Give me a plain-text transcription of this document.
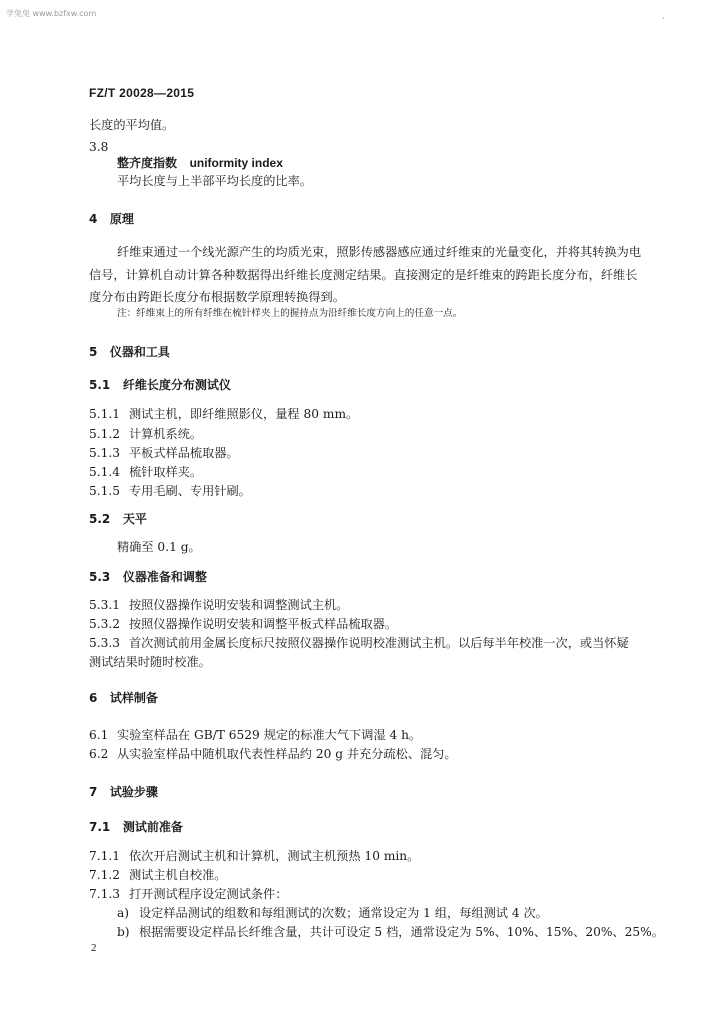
学兔兔 www.bzfxw.com
·
FZ/T 20028—2015
长度的平均值。
3.8
整齐度指数 uniformity index
平均长度与上半部平均长度的比率。
4 原理
纤维束通过一个线光源产生的均质光束，照影传感器感应通过纤维束的光量变化，并将其转换为电
信号，计算机自动计算各种数据得出纤维长度测定结果。直接测定的是纤维束的跨距长度分布，纤维长
度分布由跨距长度分布根据数学原理转换得到。
注：纤维束上的所有纤维在梳针样夹上的握持点为沿纤维长度方向上的任意一点。
5 仪器和工具
5.1 纤维长度分布测试仪
5.1.1 测试主机，即纤维照影仪，量程 80 mm。
5.1.2 计算机系统。
5.1.3 平板式样品梳取器。
5.1.4 梳针取样夹。
5.1.5 专用毛刷、专用针刷。
5.2 天平
精确至 0.1 g。
5.3 仪器准备和调整
5.3.1 按照仪器操作说明安装和调整测试主机。
5.3.2 按照仪器操作说明安装和调整平板式样品梳取器。
5.3.3 首次测试前用金属长度标尺按照仪器操作说明校准测试主机。以后每半年校准一次，或当怀疑
测试结果时随时校准。
6 试样制备
6.1 实验室样品在 GB/T 6529 规定的标准大气下调湿 4 h。
6.2 从实验室样品中随机取代表性样品约 20 g 并充分疏松、混匀。
7 试验步骤
7.1 测试前准备
7.1.1 依次开启测试主机和计算机，测试主机预热 10 min。
7.1.2 测试主机自校准。
7.1.3 打开测试程序设定测试条件：
a) 设定样品测试的组数和每组测试的次数；通常设定为 1 组，每组测试 4 次。
b) 根据需要设定样品长纤维含量，共计可设定 5 档，通常设定为 5%、10%、15%、20%、25%。
2
